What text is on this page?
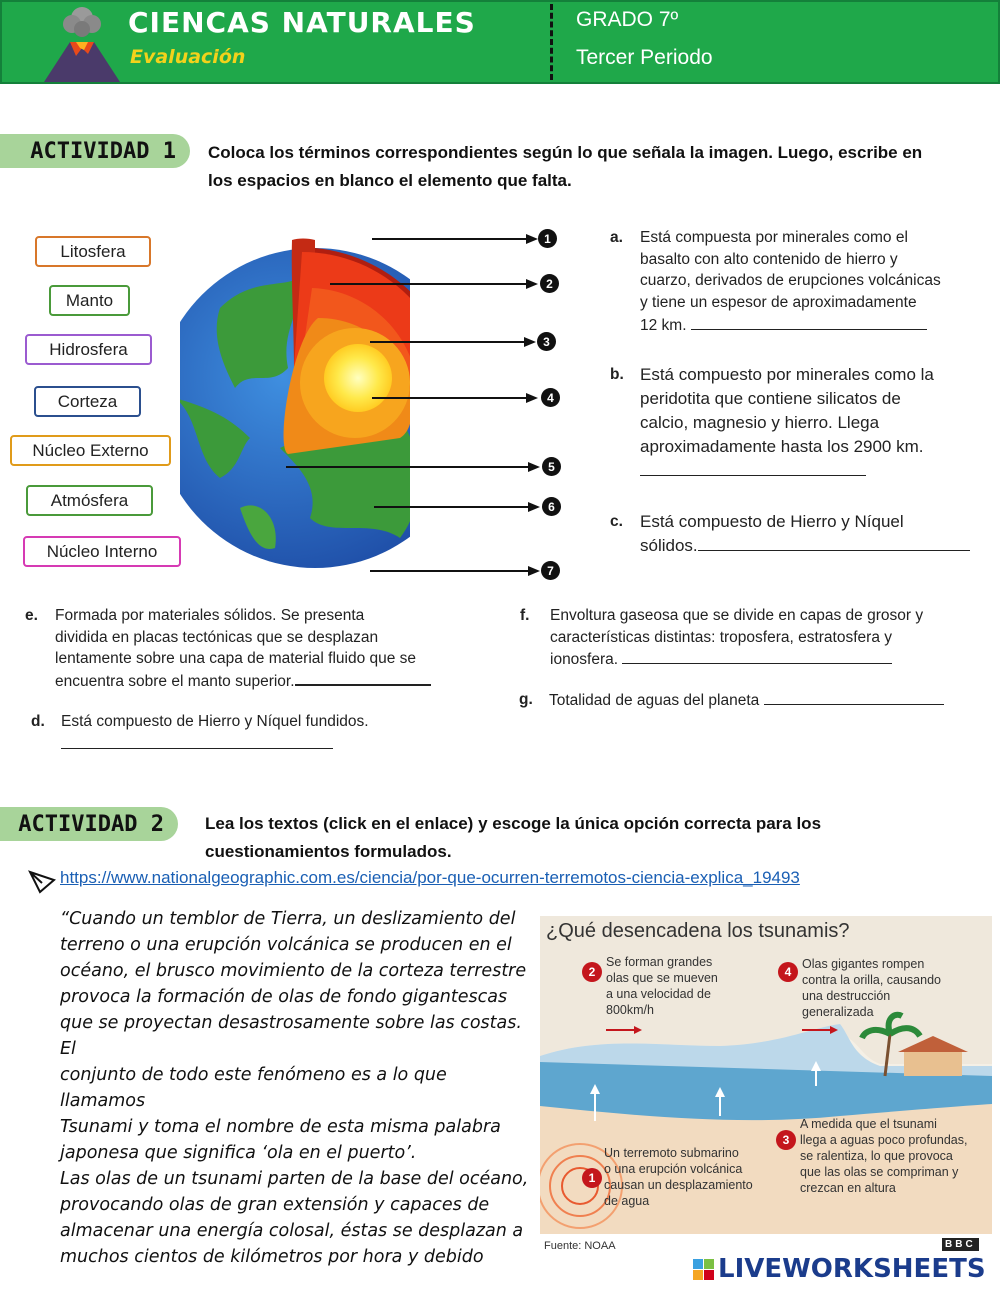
CIENCAS NATURALES
Evaluación
GRADO 7º
Tercer Periodo
ACTIVIDAD 1	Coloca los términos correspondientes según lo que señala la imagen. Luego, escribe en
los espacios en blanco el elemento que falta.
Litosfera
Manto
Hidrosfera
Corteza
Núcleo Externo
Atmósfera
Núcleo Interno
1
2
3
4
5
6
7
a. Está compuesta por minerales como el
basalto con alto contenido de hierro y
cuarzo, derivados de erupciones volcánicas
y tiene un espesor de aproximadamente
12 km.
b. Está compuesto por minerales como la
peridotita que contiene silicatos de
calcio, magnesio y hierro. Llega
aproximadamente hasta los 2900 km.
c. Está compuesto de Hierro y Níquel
sólidos.
e. Formada por materiales sólidos. Se presenta
dividida en placas tectónicas que se desplazan
lentamente sobre una capa de material fluido que se
encuentra sobre el manto superior.
d. Está compuesto de Hierro y Níquel fundidos.
f. Envoltura gaseosa que se divide en capas de grosor y
características distintas: troposfera, estratosfera y
ionosfera.
g. Totalidad de aguas del planeta
ACTIVIDAD 2	Lea los textos (click en el enlace) y escoge la única opción correcta para los
cuestionamientos formulados.
https://www.nationalgeographic.com.es/ciencia/por-que-ocurren-terremotos-ciencia-explica_19493
“Cuando un temblor de Tierra, un deslizamiento del
terreno o una erupción volcánica se producen en el
océano, el brusco movimiento de la corteza terrestre
provoca la formación de olas de fondo gigantescas
que se proyectan desastrosamente sobre las costas. El
conjunto de todo este fenómeno es a lo que llamamos
Tsunami y toma el nombre de esta misma palabra
japonesa que significa ‘ola en el puerto’.
Las olas de un tsunami parten de la base del océano,
provocando olas de gran extensión y capaces de
almacenar una energía colosal, éstas se desplazan a
muchos cientos de kilómetros por hora y debido
¿Qué desencadena los tsunamis?
2
Se forman grandes
olas que se mueven
a una velocidad de
800km/h
4
Olas gigantes rompen
contra la orilla, causando
una destrucción
generalizada
3
A medida que el tsunami
llega a aguas poco profundas,
se ralentiza, lo que provoca
que las olas se compriman y
crezcan en altura
1
Un terremoto submarino
o una erupción volcánica
causan un desplazamiento
de agua
Fuente: NOAA	BBC
LIVEWORKSHEETS
